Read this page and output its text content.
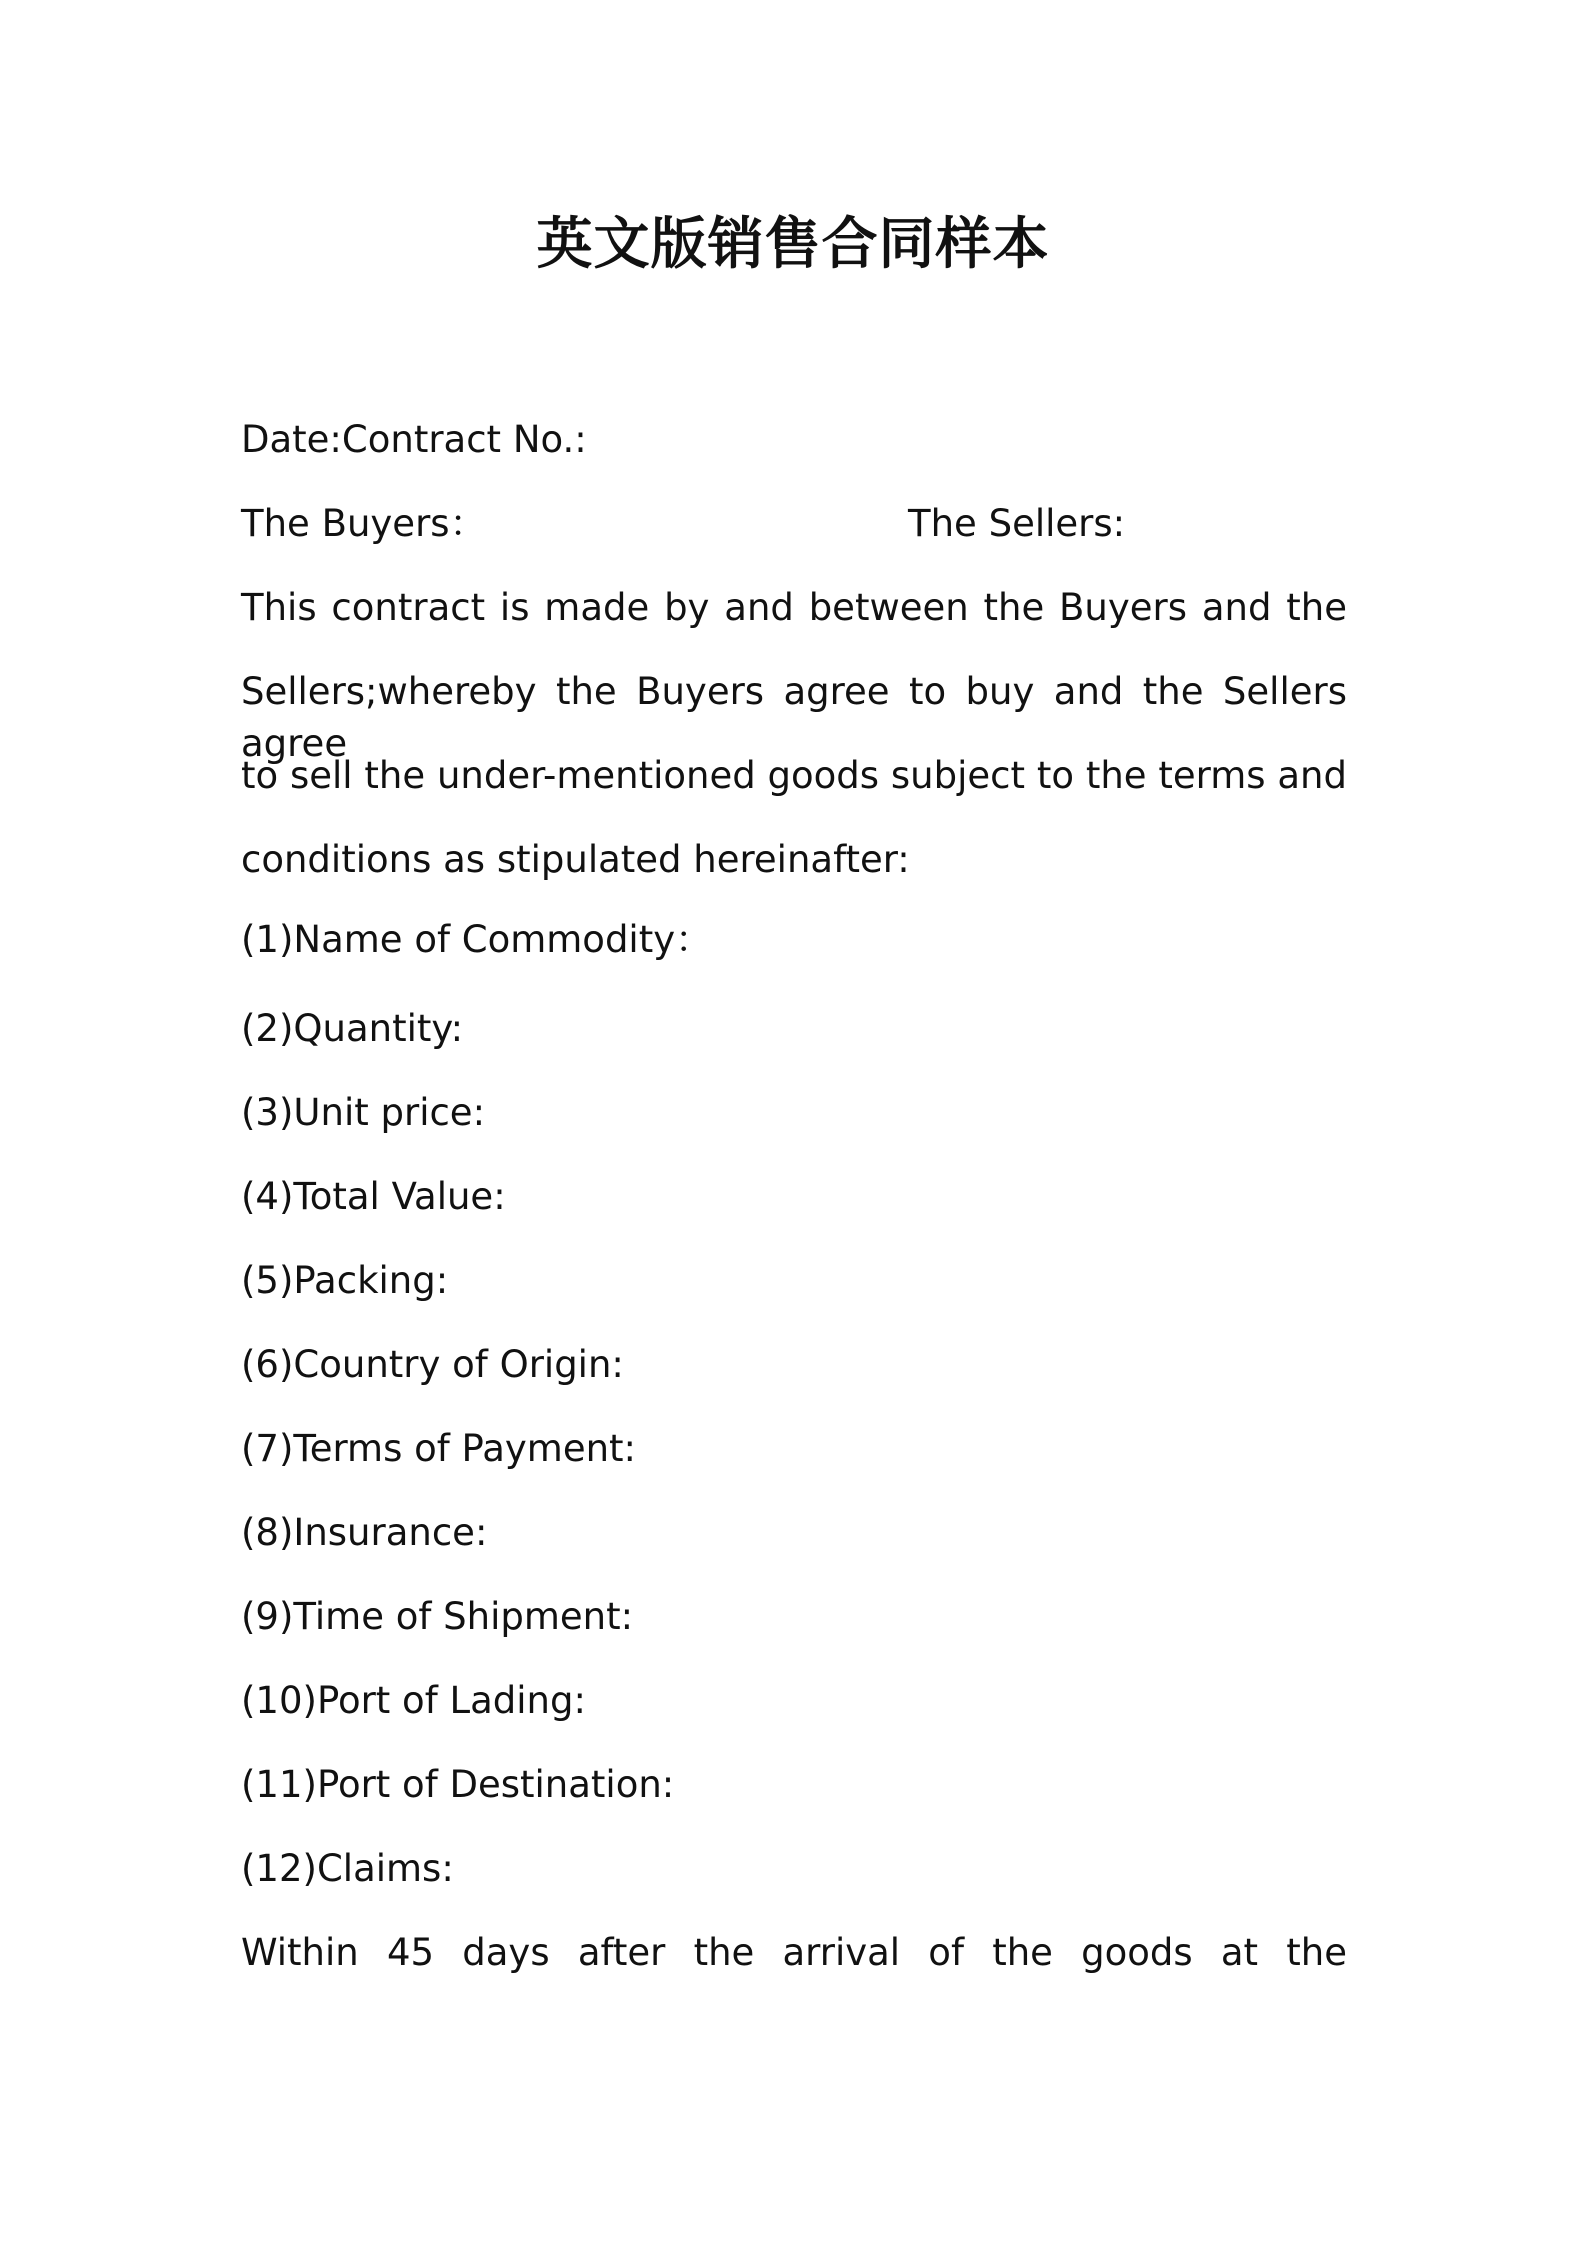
英文版销售合同样本
Date:Contract No.:
The Buyers：	The Sellers:
This contract is made by and between the Buyers and the
Sellers;whereby the Buyers agree to buy and the Sellers agree
to sell the under-mentioned goods subject to the terms and
conditions as stipulated hereinafter:
(1)Name of Commodity：
(2)Quantity:
(3)Unit price:
(4)Total Value:
(5)Packing:
(6)Country of Origin:
(7)Terms of Payment:
(8)Insurance:
(9)Time of Shipment:
(10)Port of Lading:
(11)Port of Destination:
(12)Claims:
Within 45 days after the arrival of the goods at the
